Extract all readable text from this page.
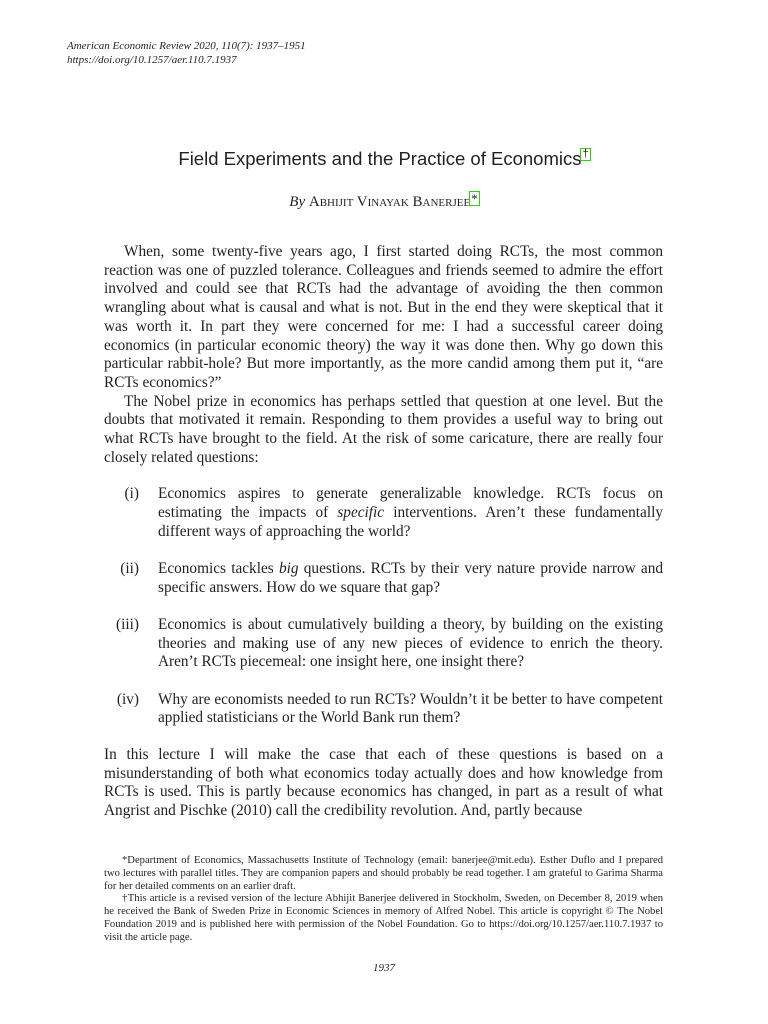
American Economic Review 2020, 110(7): 1937–1951
https://doi.org/10.1257/aer.110.7.1937
Field Experiments and the Practice of Economics†
By Abhijit Vinayak Banerjee*

When, some twenty-five years ago, I first started doing RCTs, the most common reaction was one of puzzled tolerance. Colleagues and friends seemed to admire the effort involved and could see that RCTs had the advantage of avoiding the then common wrangling about what is causal and what is not. But in the end they were skeptical that it was worth it. In part they were concerned for me: I had a successful career doing economics (in particular economic theory) the way it was done then. Why go down this particular rabbit-hole? But more importantly, as the more candid among them put it, “are RCTs economics?”

The Nobel prize in economics has perhaps settled that question at one level. But the doubts that motivated it remain. Responding to them provides a useful way to bring out what RCTs have brought to the field. At the risk of some caricature, there are really four closely related questions:

(i) Economics aspires to generate generalizable knowledge. RCTs focus on estimating the impacts of specific interventions. Aren’t these fundamentally different ways of approaching the world?
(ii) Economics tackles big questions. RCTs by their very nature provide narrow and specific answers. How do we square that gap?
(iii) Economics is about cumulatively building a theory, by building on the existing theories and making use of any new pieces of evidence to enrich the theory. Aren’t RCTs piecemeal: one insight here, one insight there?
(iv) Why are economists needed to run RCTs? Wouldn’t it be better to have competent applied statisticians or the World Bank run them?

In this lecture I will make the case that each of these questions is based on a misunderstanding of both what economics today actually does and how knowledge from RCTs is used. This is partly because economics has changed, in part as a result of what Angrist and Pischke (2010) call the credibility revolution. And, partly because

*Department of Economics, Massachusetts Institute of Technology (email: banerjee@mit.edu). Esther Duflo and I prepared two lectures with parallel titles. They are companion papers and should probably be read together. I am grateful to Garima Sharma for her detailed comments on an earlier draft.

†This article is a revised version of the lecture Abhijit Banerjee delivered in Stockholm, Sweden, on December 8, 2019 when he received the Bank of Sweden Prize in Economic Sciences in memory of Alfred Nobel. This article is copyright © The Nobel Foundation 2019 and is published here with permission of the Nobel Foundation. Go to https://doi.org/10.1257/aer.110.7.1937 to visit the article page.

1937
